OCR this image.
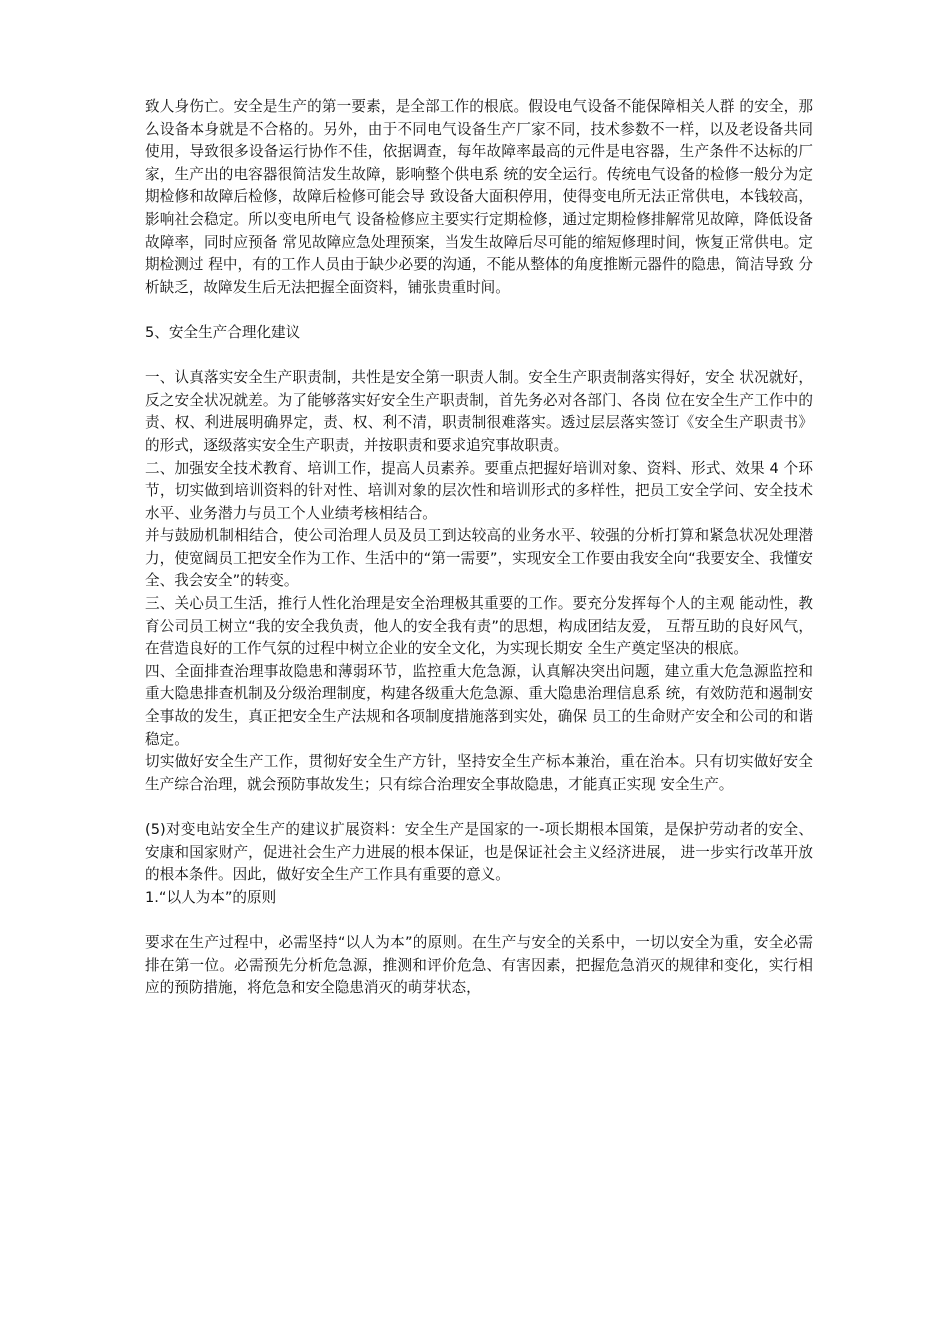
致人身伤亡。安全是生产的第一要素，是全部工作的根底。假设电气设备不能保障相关人群 的安全，那么设备本身就是不合格的。另外，由于不同电气设备生产厂家不同，技术参数不一样，以及老设备共同使用，导致很多设备运行协作不佳，依据调查，每年故障率最高的元件是电容器，生产条件不达标的厂家，生产出的电容器很简洁发生故障，影响整个供电系 统的安全运行。传统电气设备的检修一般分为定期检修和故障后检修，故障后检修可能会导 致设备大面积停用，使得变电所无法正常供电，本钱较高，影响社会稳定。所以变电所电气 设备检修应主要实行定期检修，通过定期检修排解常见故障，降低设备故障率，同时应预备 常见故障应急处理预案，当发生故障后尽可能的缩短修理时间，恢复正常供电。定期检测过 程中，有的工作人员由于缺少必要的沟通，不能从整体的角度推断元器件的隐患，简洁导致 分析缺乏，故障发生后无法把握全面资料，铺张贵重时间。

5、安全生产合理化建议

一、认真落实安全生产职责制，共性是安全第一职责人制。安全生产职责制落实得好，安全 状况就好，反之安全状况就差。为了能够落实好安全生产职责制，首先务必对各部门、各岗 位在安全生产工作中的责、权、利进展明确界定，责、权、利不清，职责制很难落实。透过层层落实签订《安全生产职责书》的形式，逐级落实安全生产职责，并按职责和要求追究事故职责。

二、加强安全技术教育、培训工作，提高人员素养。要重点把握好培训对象、资料、形式、效果 4 个环节，切实做到培训资料的针对性、培训对象的层次性和培训形式的多样性，把员工安全学问、安全技术水平、业务潜力与员工个人业绩考核相结合。

并与鼓励机制相结合，使公司治理人员及员工到达较高的业务水平、较强的分析打算和紧急状况处理潜力，使宽阔员工把安全作为工作、生活中的“第一需要”，实现安全工作要由我安全向“我要安全、我懂安全、我会安全”的转变。

三、关心员工生活，推行人性化治理是安全治理极其重要的工作。要充分发挥每个人的主观 能动性，教育公司员工树立“我的安全我负责，他人的安全我有责”的思想，构成团结友爱， 互帮互助的良好风气，在营造良好的工作气氛的过程中树立企业的安全文化，为实现长期安 全生产奠定坚决的根底。

四、全面排查治理事故隐患和薄弱环节，监控重大危急源，认真解决突出问题，建立重大危急源监控和重大隐患排查机制及分级治理制度，构建各级重大危急源、重大隐患治理信息系 统，有效防范和遏制安全事故的发生，真正把安全生产法规和各项制度措施落到实处，确保 员工的生命财产安全和公司的和谐稳定。

切实做好安全生产工作，贯彻好安全生产方针，坚持安全生产标本兼治，重在治本。只有切实做好安全生产综合治理，就会预防事故发生；只有综合治理安全事故隐患，才能真正实现 安全生产。

(5)对变电站安全生产的建议扩展资料：安全生产是国家的一-项长期根本国策，是保护劳动者的安全、安康和国家财产，促进社会生产力进展的根本保证，也是保证社会主义经济进展， 进一步实行改革开放的根本条件。因此，做好安全生产工作具有重要的意义。

1.“以人为本”的原则

要求在生产过程中，必需坚持“以人为本”的原则。在生产与安全的关系中，一切以安全为重，安全必需排在第一位。必需预先分析危急源，推测和评价危急、有害因素，把握危急消灭的规律和变化，实行相应的预防措施，将危急和安全隐患消灭的萌芽状态，
